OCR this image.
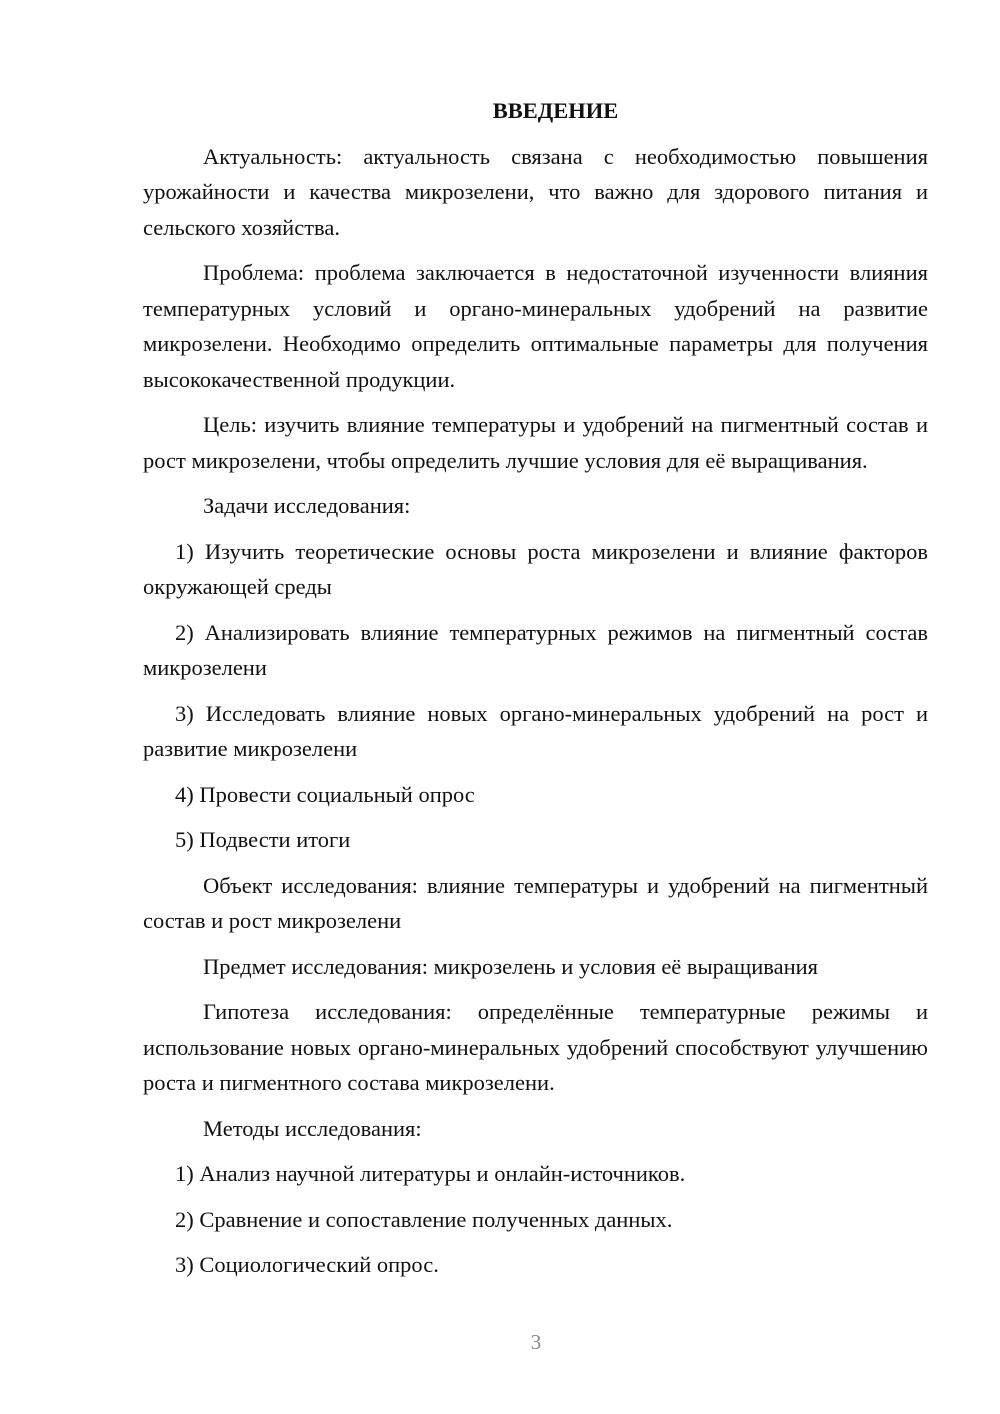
ВВЕДЕНИЕ

Актуальность: актуальность связана с необходимостью повышения урожайности и качества микрозелени, что важно для здорового питания и сельского хозяйства.

Проблема: проблема заключается в недостаточной изученности влияния температурных условий и органо-минеральных удобрений на развитие микрозелени. Необходимо определить оптимальные параметры для получения высококачественной продукции.

Цель: изучить влияние температуры и удобрений на пигментный состав и рост микрозелени, чтобы определить лучшие условия для её выращивания.

Задачи исследования:

1) Изучить теоретические основы роста микрозелени и влияние факторов окружающей среды

2) Анализировать влияние температурных режимов на пигментный состав микрозелени

3) Исследовать влияние новых органо-минеральных удобрений на рост и развитие микрозелени

4) Провести социальный опрос

5) Подвести итоги

Объект исследования: влияние температуры и удобрений на пигментный состав и рост микрозелени

Предмет исследования: микрозелень и условия её выращивания

Гипотеза исследования: определённые температурные режимы и использование новых органо-минеральных удобрений способствуют улучшению роста и пигментного состава микрозелени.

Методы исследования:

1) Анализ научной литературы и онлайн-источников.

2) Сравнение и сопоставление полученных данных.

3) Социологический опрос.

3
